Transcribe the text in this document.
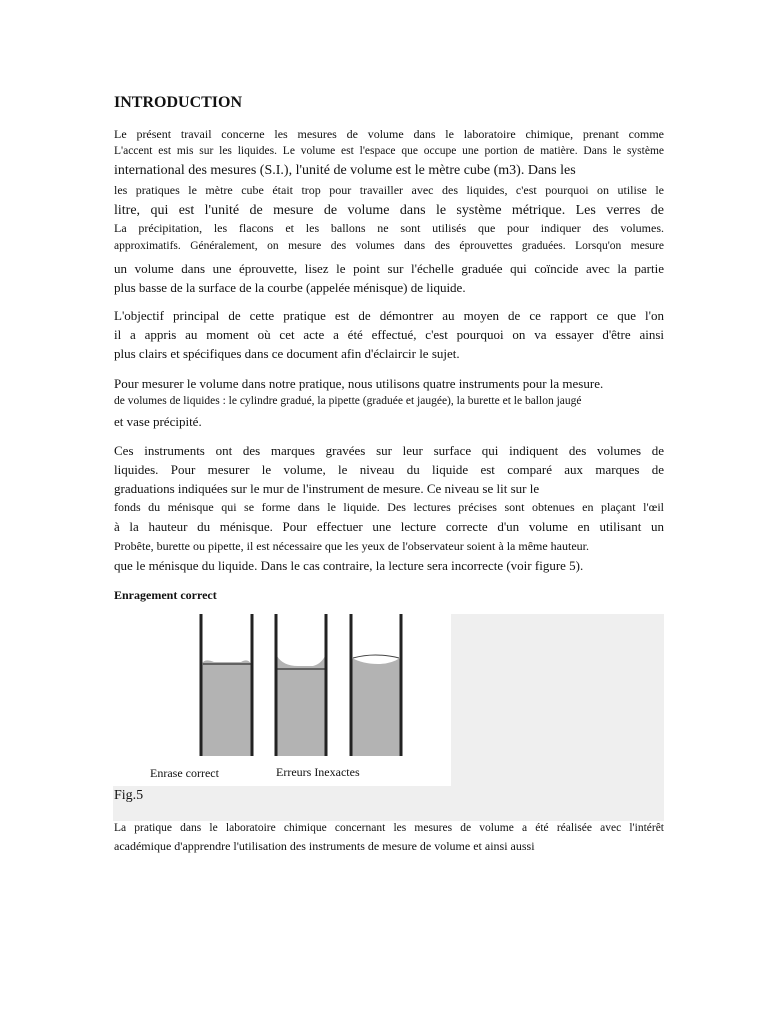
INTRODUCTION
Le présent travail concerne les mesures de volume dans le laboratoire chimique, prenant comme
L'accent est mis sur les liquides. Le volume est l'espace que occupe une portion de matière. Dans le système
international des mesures (S.I.), l'unité de volume est le mètre cube (m3). Dans les
les pratiques le mètre cube était trop pour travailler avec des liquides, c'est pourquoi on utilise le
litre, qui est l'unité de mesure de volume dans le système métrique. Les verres de
La précipitation, les flacons et les ballons ne sont utilisés que pour indiquer des volumes.
approximatifs. Généralement, on mesure des volumes dans des éprouvettes graduées. Lorsqu'on mesure
un volume dans une éprouvette, lisez le point sur l'échelle graduée qui coïncide avec la partie
plus basse de la surface de la courbe (appelée ménisque) de liquide.
L'objectif principal de cette pratique est de démontrer au moyen de ce rapport ce que l'on
il a appris au moment où cet acte a été effectué, c'est pourquoi on va essayer d'être ainsi
plus clairs et spécifiques dans ce document afin d'éclaircir le sujet.
Pour mesurer le volume dans notre pratique, nous utilisons quatre instruments pour la mesure.
de volumes de liquides : le cylindre gradué, la pipette (graduée et jaugée), la burette et le ballon jaugé
et vase précipité.
Ces instruments ont des marques gravées sur leur surface qui indiquent des volumes de
liquides. Pour mesurer le volume, le niveau du liquide est comparé aux marques de
graduations indiquées sur le mur de l'instrument de mesure. Ce niveau se lit sur le
fonds du ménisque qui se forme dans le liquide. Des lectures précises sont obtenues en plaçant l'œil
à la hauteur du ménisque. Pour effectuer une lecture correcte d'un volume en utilisant un
Probête, burette ou pipette, il est nécessaire que les yeux de l'observateur soient à la même hauteur.
que le ménisque du liquide. Dans le cas contraire, la lecture sera incorrecte (voir figure 5).
Enragement correct
Enrase correct	Erreurs Inexactes
Fig.5
La pratique dans le laboratoire chimique concernant les mesures de volume a été réalisée avec l'intérêt
académique d'apprendre l'utilisation des instruments de mesure de volume et ainsi aussi
